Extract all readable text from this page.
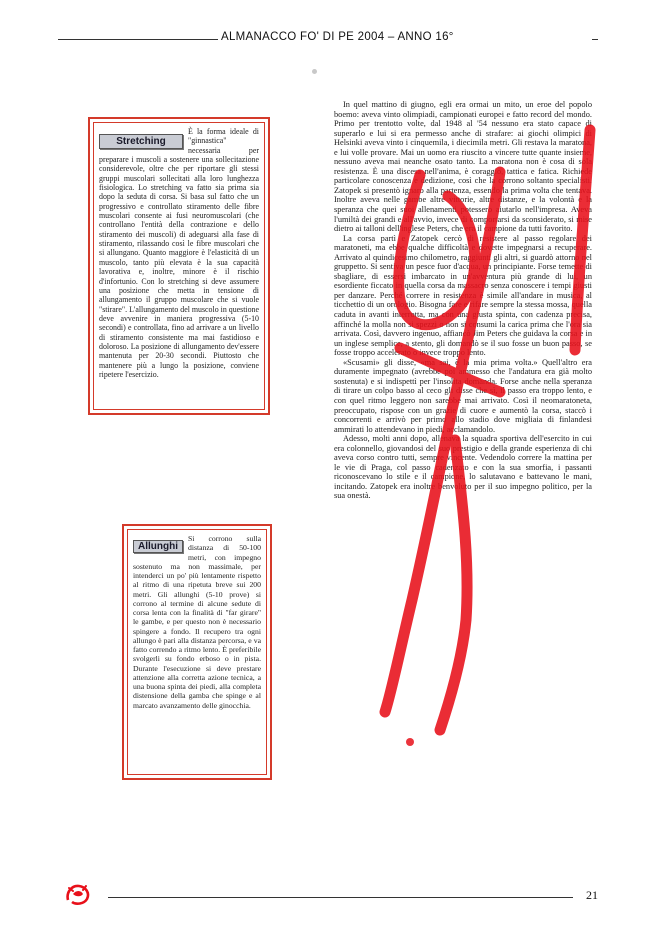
ALMANACCO FO' DI PE 2004 – ANNO 16°
Stretching
È la forma ideale di "ginnastica" necessaria per preparare i muscoli a sostenere una sollecitazione considerevole, oltre che per riportare gli stessi gruppi muscolari sollecitati alla loro lunghezza fisiologica. Lo stretching va fatto sia prima sia dopo la seduta di corsa. Si basa sul fatto che un progressivo e controllato stiramento delle fibre muscolari consente ai fusi neuromuscolari (che controllano l'entità della contrazione e dello stiramento dei muscoli) di adeguarsi alla fase di stiramento, rilassando così le fibre muscolari che si allungano. Quanto maggiore è l'elasticità di un muscolo, tanto più elevata è la sua capacità lavorativa e, inoltre, minore è il rischio d'infortunio. Con lo stretching si deve assumere una posizione che metta in tensione di allungamento il gruppo muscolare che si vuole "stirare". L'allungamento del muscolo in questione deve avvenire in maniera progressiva (5-10 secondi) e controllata, fino ad arrivare a un livello di stiramento consistente ma mai fastidioso e doloroso. La posizione di allungamento dev'essere mantenuta per 20-30 secondi. Piuttosto che mantenere più a lungo la posizione, conviene ripetere l'esercizio.
Allunghi
Si corrono sulla distanza di 50-100 metri, con impegno sostenuto ma non massimale, per intenderci un po' più lentamente rispetto al ritmo di una ripetuta breve sui 200 metri. Gli allunghi (5-10 prove) si corrono al termine di alcune sedute di corsa lenta con la finalità di "far girare" le gambe, e per questo non è necessario spingere a fondo. Il recupero tra ogni allungo è pari alla distanza percorsa, e va fatto correndo a ritmo lento. È preferibile svolgerli su fondo erboso o in pista. Durante l'esecuzione si deve prestare attenzione alla corretta azione tecnica, a una buona spinta dei piedi, alla completa distensione della gamba che spinge e al marcato avanzamento delle ginocchia.

In quel mattino di giugno, egli era ormai un mito, un eroe del popolo boemo: aveva vinto olimpiadi, campionati europei e fatto record del mondo. Primo per trentotto volte, dal 1948 al '54 nessuno era stato capace di superarlo e lui si era permesso anche di strafare: ai giochi olimpici di Helsinki aveva vinto i cinquemila, i diecimila metri. Gli restava la maratona, e lui volle provare. Mai un uomo era riuscito a vincere tutte quante insieme, nessuno aveva mai neanche osato tanto. La maratona non è cosa di sola resistenza. È una discesa nell'anima, è coraggio, tattica e fatica. Richiede particolare conoscenza e dedizione, così che la corrono soltanto specialisti. Zatopek si presentò ignaro alla partenza, essendo la prima volta che tentava. Inoltre aveva nelle gambe altre vittorie, altre distanze, e la volontà e la speranza che quei suoi allenamenti potessero aiutarlo nell'impresa. Aveva l'umiltà dei grandi e all'avvio, invece di comportarsi da sconsiderato, si mise dietro ai talloni dell'inglese Peters, che era il campione da tutti favorito.

La corsa partì e Zatopek cercò di resistere al passo regolare dei maratoneti, ma ebbe qualche difficoltà e dovette impegnarsi a recuperare. Arrivato al quindicesimo chilometro, raggiunti gli altri, si guardò attorno nel gruppetto. Si sentiva un pesce fuor d'acqua, un principiante. Forse temette di sbagliare, di essersi imbarcato in un'avventura più grande di lui, un esordiente ficcato in quella corsa da massacro senza conoscere i tempi giusti per danzare. Perché correre in resistenza è simile all'andare in musica, al ticchettio di un orologio. Bisogna fare e rifare sempre la stessa mossa, quella caduta in avanti interrotta, ma con una giusta spinta, con cadenza precisa, affinché la molla non si spezzi o non si consumi la carica prima che l'ora sia arrivata. Così, davvero ingenuo, affiancò Jim Peters che guidava la corsa e in un inglese semplice, a stento, gli domandò se il suo fosse un buon passo, se fosse troppo accelerato o invece troppo lento.

«Scusami» gli disse, «ma sai, è la mia prima volta.» Quell'altro era duramente impegnato (avrebbe poi ammesso che l'andatura era già molto sostenuta) e si indispettì per l'insolita domanda. Forse anche nella speranza di tirare un colpo basso al ceco gli disse che sì, il passo era troppo lento, e con quel ritmo leggero non sarebbe mai arrivato. Così il neomaratoneta, preoccupato, rispose con un grazie di cuore e aumentò la corsa, staccò i concorrenti e arrivò per primo allo stadio dove migliaia di finlandesi ammirati lo attendevano in piedi, acclamandolo.

Adesso, molti anni dopo, allenava la squadra sportiva dell'esercito in cui era colonnello, giovandosi del suo prestigio e della grande esperienza di chi aveva corso contro tutti, sempre vincente. Vedendolo correre la mattina per le vie di Praga, col passo cadenzato e con la sua smorfia, i passanti riconoscevano lo stile e il campione, lo salutavano e battevano le mani, incitando. Zatopek era inoltre benvoluto per il suo impegno politico, per la sua onestà.

21
